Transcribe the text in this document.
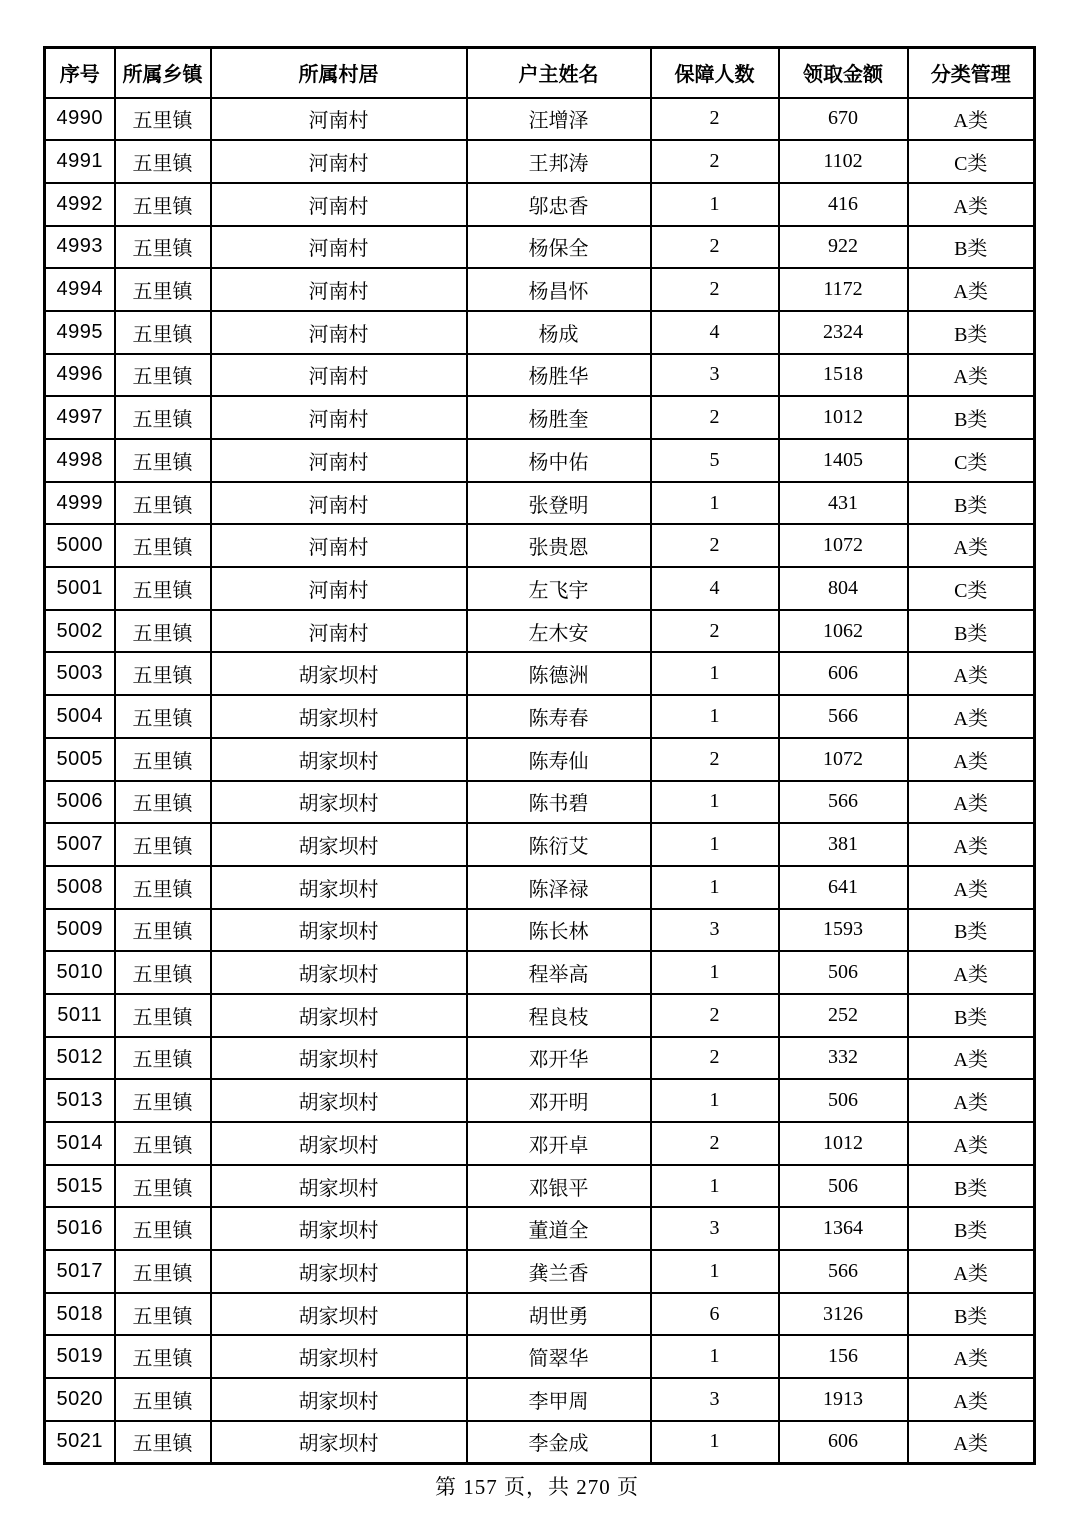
序号	所属乡镇	所属村居	户主姓名	保障人数	领取金额	分类管理
4990	五里镇	河南村	汪增泽	2	670	A类
4991	五里镇	河南村	王邦涛	2	1102	C类
4992	五里镇	河南村	邬忠香	1	416	A类
4993	五里镇	河南村	杨保全	2	922	B类
4994	五里镇	河南村	杨昌怀	2	1172	A类
4995	五里镇	河南村	杨成	4	2324	B类
4996	五里镇	河南村	杨胜华	3	1518	A类
4997	五里镇	河南村	杨胜奎	2	1012	B类
4998	五里镇	河南村	杨中佑	5	1405	C类
4999	五里镇	河南村	张登明	1	431	B类
5000	五里镇	河南村	张贵恩	2	1072	A类
5001	五里镇	河南村	左飞宇	4	804	C类
5002	五里镇	河南村	左木安	2	1062	B类
5003	五里镇	胡家坝村	陈德洲	1	606	A类
5004	五里镇	胡家坝村	陈寿春	1	566	A类
5005	五里镇	胡家坝村	陈寿仙	2	1072	A类
5006	五里镇	胡家坝村	陈书碧	1	566	A类
5007	五里镇	胡家坝村	陈衍艾	1	381	A类
5008	五里镇	胡家坝村	陈泽禄	1	641	A类
5009	五里镇	胡家坝村	陈长林	3	1593	B类
5010	五里镇	胡家坝村	程举高	1	506	A类
5011	五里镇	胡家坝村	程良枝	2	252	B类
5012	五里镇	胡家坝村	邓开华	2	332	A类
5013	五里镇	胡家坝村	邓开明	1	506	A类
5014	五里镇	胡家坝村	邓开卓	2	1012	A类
5015	五里镇	胡家坝村	邓银平	1	506	B类
5016	五里镇	胡家坝村	董道全	3	1364	B类
5017	五里镇	胡家坝村	龚兰香	1	566	A类
5018	五里镇	胡家坝村	胡世勇	6	3126	B类
5019	五里镇	胡家坝村	简翠华	1	156	A类
5020	五里镇	胡家坝村	李甲周	3	1913	A类
5021	五里镇	胡家坝村	李金成	1	606	A类
第 157 页，共 270 页
